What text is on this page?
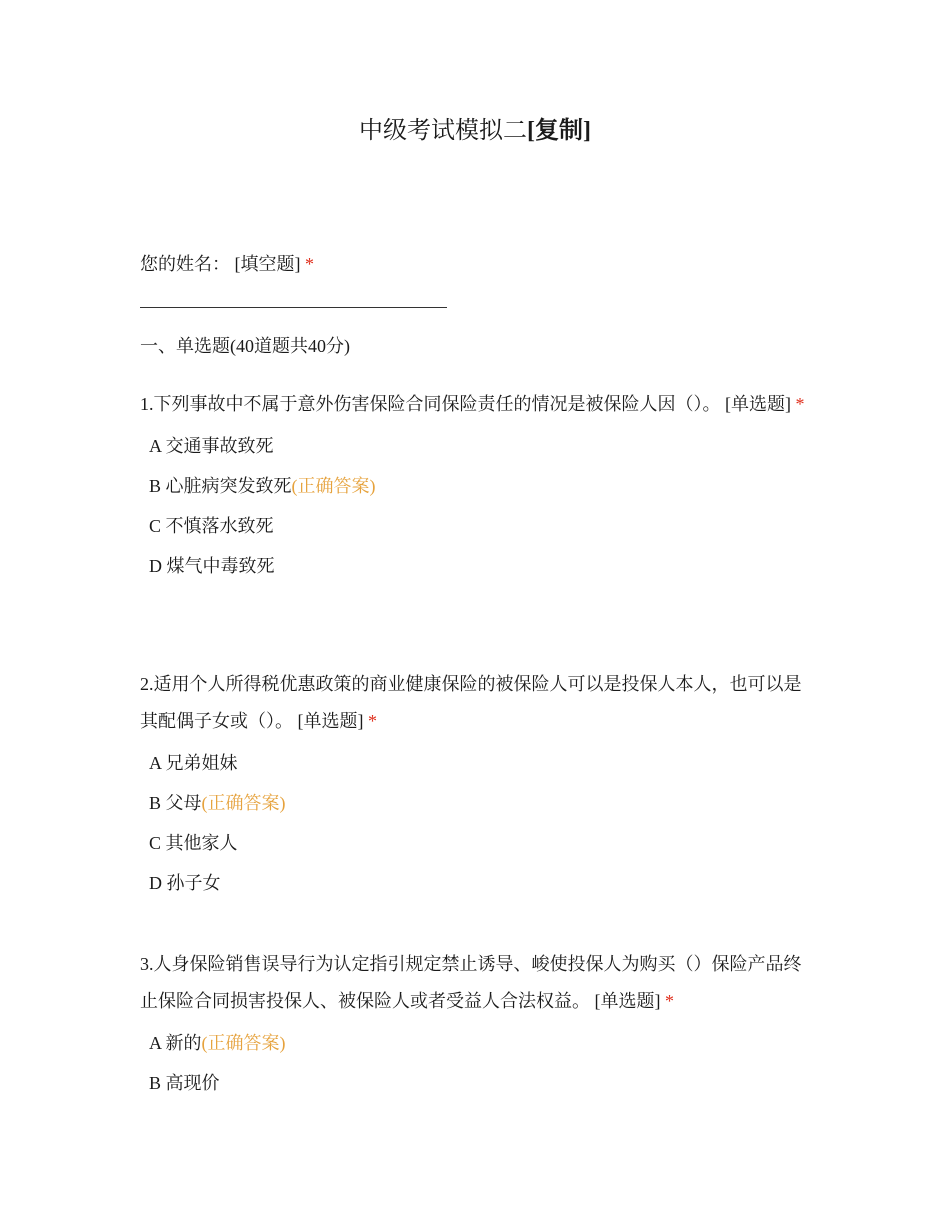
中级考试模拟二[复制]
您的姓名： [填空题] *
一、单选题(40道题共40分)

1.下列事故中不属于意外伤害保险合同保险责任的情况是被保险人因（）。 [单选题] *

A 交通事故致死
B 心脏病突发致死(正确答案)
C 不慎落水致死
D 煤气中毒致死

2.适用个人所得税优惠政策的商业健康保险的被保险人可以是投保人本人，也可以是其配偶子女或（）。 [单选题] *

A 兄弟姐妹
B 父母(正确答案)
C 其他家人
D 孙子女

3.人身保险销售误导行为认定指引规定禁止诱导、峻使投保人为购买（）保险产品终止保险合同损害投保人、被保险人或者受益人合法权益。 [单选题] *

A 新的(正确答案)
B 高现价
